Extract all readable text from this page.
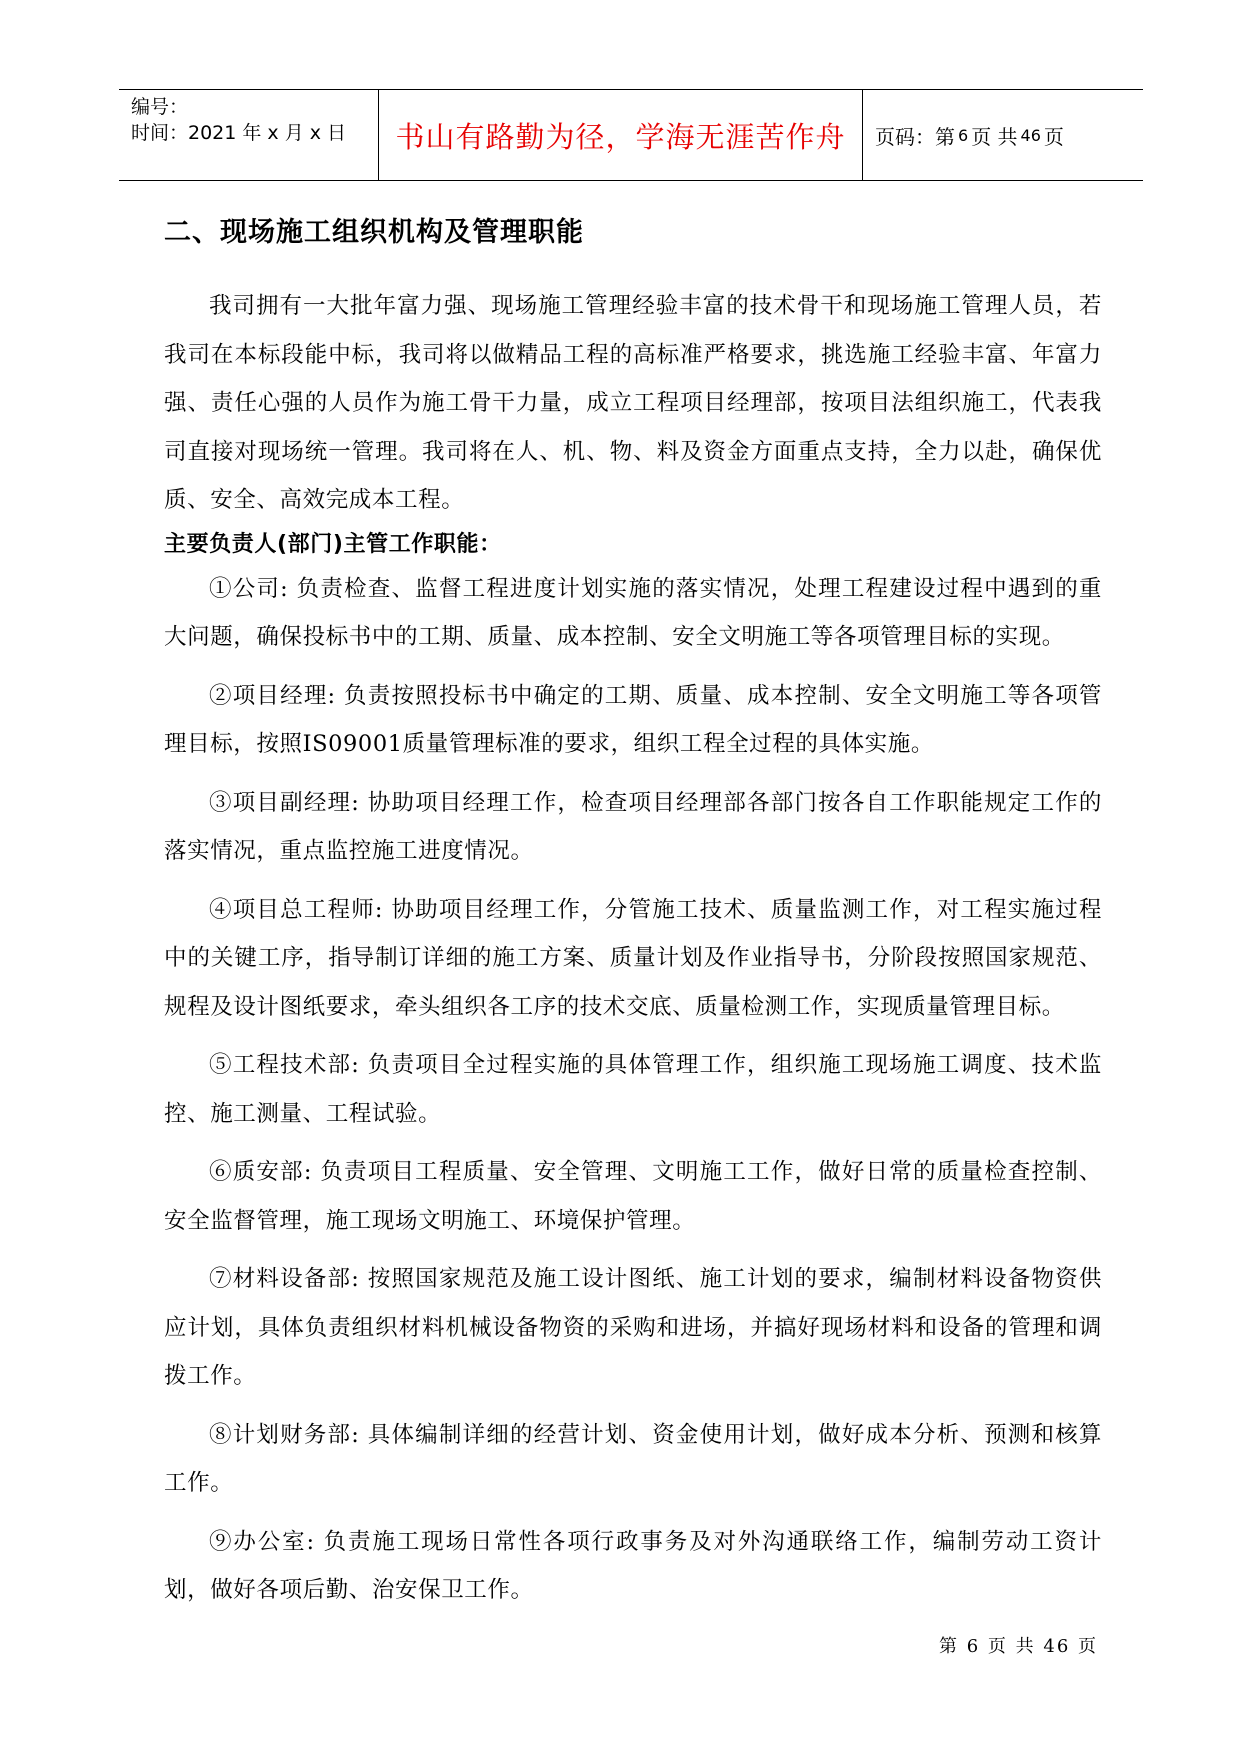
编号：
时间：2021 年 x 月 x 日	书山有路勤为径，学海无涯苦作舟	页码：第 6 页 共 46 页
二、现场施工组织机构及管理职能

我司拥有一大批年富力强、现场施工管理经验丰富的技术骨干和现场施工管理人员，若我司在本标段能中标，我司将以做精品工程的高标准严格要求，挑选施工经验丰富、年富力强、责任心强的人员作为施工骨干力量，成立工程项目经理部，按项目法组织施工，代表我司直接对现场统一管理。我司将在人、机、物、料及资金方面重点支持，全力以赴，确保优质、安全、高效完成本工程。

主要负责人(部门)主管工作职能：

①公司: 负责检查、监督工程进度计划实施的落实情况，处理工程建设过程中遇到的重大问题，确保投标书中的工期、质量、成本控制、安全文明施工等各项管理目标的实现。

②项目经理: 负责按照投标书中确定的工期、质量、成本控制、安全文明施工等各项管理目标，按照IS09001质量管理标准的要求，组织工程全过程的具体实施。

③项目副经理: 协助项目经理工作，检查项目经理部各部门按各自工作职能规定工作的落实情况，重点监控施工进度情况。

④项目总工程师: 协助项目经理工作，分管施工技术、质量监测工作，对工程实施过程中的关键工序，指导制订详细的施工方案、质量计划及作业指导书，分阶段按照国家规范、规程及设计图纸要求，牵头组织各工序的技术交底、质量检测工作，实现质量管理目标。

⑤工程技术部: 负责项目全过程实施的具体管理工作，组织施工现场施工调度、技术监控、施工测量、工程试验。

⑥质安部: 负责项目工程质量、安全管理、文明施工工作，做好日常的质量检查控制、安全监督管理，施工现场文明施工、环境保护管理。

⑦材料设备部: 按照国家规范及施工设计图纸、施工计划的要求，编制材料设备物资供应计划，具体负责组织材料机械设备物资的采购和进场，并搞好现场材料和设备的管理和调拨工作。

⑧计划财务部: 具体编制详细的经营计划、资金使用计划，做好成本分析、预测和核算工作。

⑨办公室: 负责施工现场日常性各项行政事务及对外沟通联络工作，编制劳动工资计划，做好各项后勤、治安保卫工作。

第 6 页 共 46 页
